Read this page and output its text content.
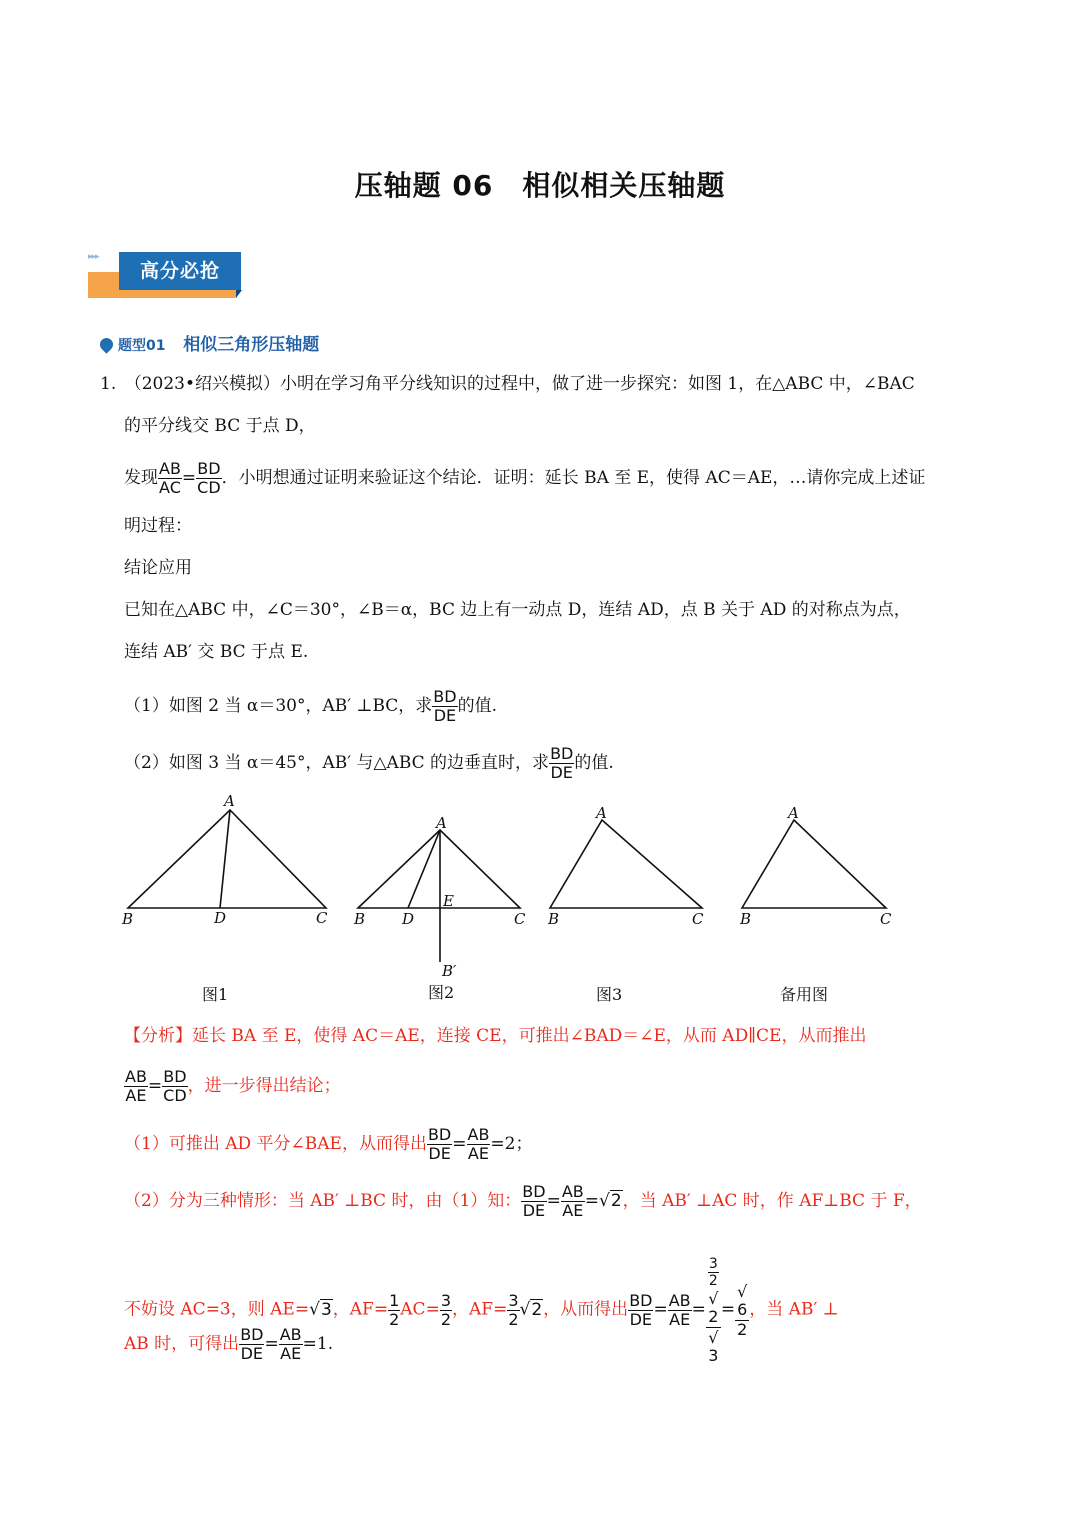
压轴题 06　相似相关压轴题
▸▸▸
高分必抢
题型01 相似三角形压轴题
1.　（2023•绍兴模拟）小明在学习角平分线知识的过程中，做了进一步探究：如图 1，在△ABC 中，∠BAC
的平分线交 BC 于点 D，
发现 $\frac{AB}{AC} = \frac{BD}{CD}$ ．小明想通过证明来验证这个结论．证明：延长 BA 至 E，使得 AC＝AE，…请你完成上述证
明过程：
结论应用
已知在△ABC 中，∠C＝30°，∠B＝α，BC 边上有一动点 D，连结 AD，点 B 关于 AD 的对称点为点，
连结 AB′ 交 BC 于点 E.
（1）如图 2 当 α＝30°，AB′ ⊥BC，求 $\frac{BD}{DE}$ 的值.
（2）如图 3 当 α＝45°，AB′ 与△ABC 的边垂直时，求 $\frac{BD}{DE}$ 的值.
A
B	D	C
A
B D
E
C
B′
A
B	C
A
B	C
图1	图2	图3	备用图
【分析】延长 BA 至 E，使得 AC＝AE，连接 CE，可推出∠BAD＝∠E，从而 AD∥CE，从而推出
$\frac{AB}{AE} = \frac{BD}{CD}$ ，进一步得出结论；
（1）可推出 AD 平分∠BAE，从而得出 $\frac{BD}{DE} = \frac{AB}{AE} =2$；
（2）分为三种情形：当 AB′ ⊥BC 时，由（1）知： $\frac{BD}{DE} = \frac{AB}{AE} =√2$，当 AB′ ⊥AC 时，作 AF⊥BC 于 F，
不妨设 AC=3，则 AE=√3，$AF= \frac{1}{2} AC= \frac{3}{2}$ ，$AF= \frac{3}{2} √2$，从而得出 $\frac{BD}{DE} = \frac{AB}{AE} = 3$
2
√
2
√
3 = √
6
2 ，当 AB′ ⊥
AB 时，可得出 $\frac{BD}{DE} = \frac{AB}{AE} =1$.
